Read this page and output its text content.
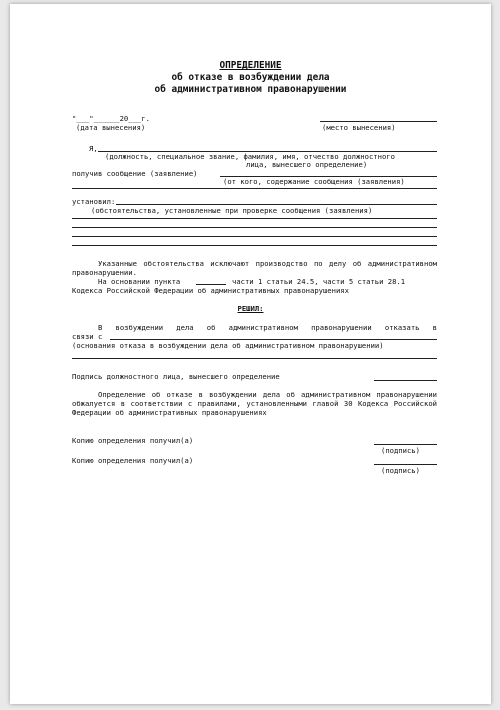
ОПРЕДЕЛЕНИЕ
об отказе в возбуждении дела
об административном правонарушении
"___"______20___г.
(дата вынесения)	(место вынесения)
Я,
(должность, специальное звание, фамилия, имя, отчество должностного
лица, вынесшего определение)
получив сообщение (заявление)
(от кого, содержание сообщения (заявления)
установил:
(обстоятельства, установленные при проверке сообщения (заявления)
Указанные обстоятельства исключают производство по делу об административном правонарушении.
На основании пункта	части 1 статьи 24.5, части 5 статьи 28.1
Кодекса Российской Федерации об административных правонарушениях
РЕШИЛ:
В возбуждении дела об административном правонарушении отказать в
связи с
(основания отказа в возбуждении дела об административном правонарушении)
Подпись должностного лица, вынесшего определение
Определение об отказе в возбуждении дела об административном правонарушении обжалуется в соответствии с правилами, установленными главой 30 Кодекса Российской Федерации об административных правонарушениях
Копию определения получил(а)
(подпись)
Копию определения получил(а)
(подпись)
